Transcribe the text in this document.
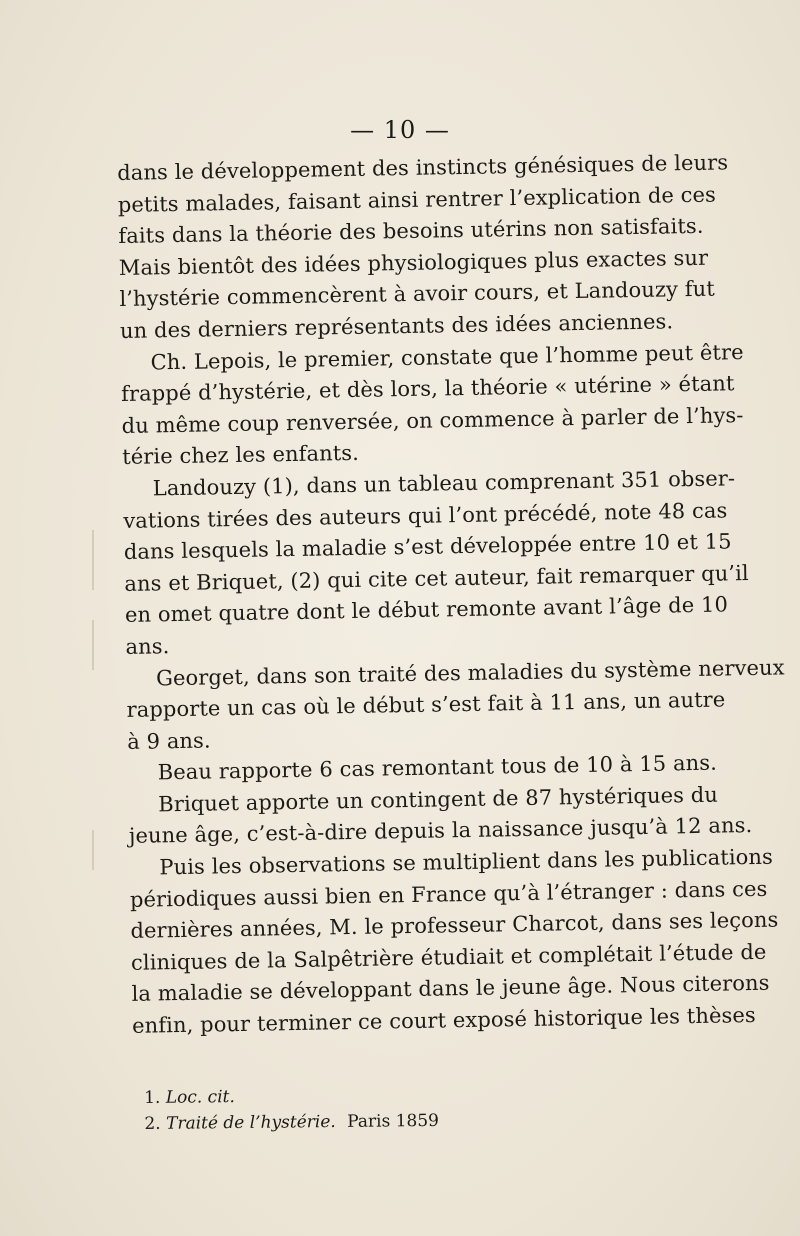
— 10 —
dans le développement des instincts génésiques de leurs
petits malades, faisant ainsi rentrer l’explication de ces
faits dans la théorie des besoins utérins non satisfaits.
Mais bientôt des idées physiologiques plus exactes sur
l’hystérie commencèrent à avoir cours, et Landouzy fut
un des derniers représentants des idées anciennes.
Ch. Lepois, le premier, constate que l’homme peut être
frappé d’hystérie, et dès lors, la théorie « utérine » étant
du même coup renversée, on commence à parler de l’hys-
térie chez les enfants.
Landouzy (1), dans un tableau comprenant 351 obser-
vations tirées des auteurs qui l’ont précédé, note 48 cas
dans lesquels la maladie s’est développée entre 10 et 15
ans et Briquet, (2) qui cite cet auteur, fait remarquer qu’il
en omet quatre dont le début remonte avant l’âge de 10
ans.
Georget, dans son traité des maladies du système nerveux
rapporte un cas où le début s’est fait à 11 ans, un autre
à 9 ans.
Beau rapporte 6 cas remontant tous de 10 à 15 ans.
Briquet apporte un contingent de 87 hystériques du
jeune âge, c’est-à-dire depuis la naissance jusqu’à 12 ans.
Puis les observations se multiplient dans les publications
périodiques aussi bien en France qu’à l’étranger : dans ces
dernières années, M. le professeur Charcot, dans ses leçons
cliniques de la Salpêtrière étudiait et complétait l’étude de
la maladie se développant dans le jeune âge. Nous citerons
enfin, pour terminer ce court exposé historique les thèses
1. Loc. cit.
2. Traité de l’hystérie. Paris 1859
